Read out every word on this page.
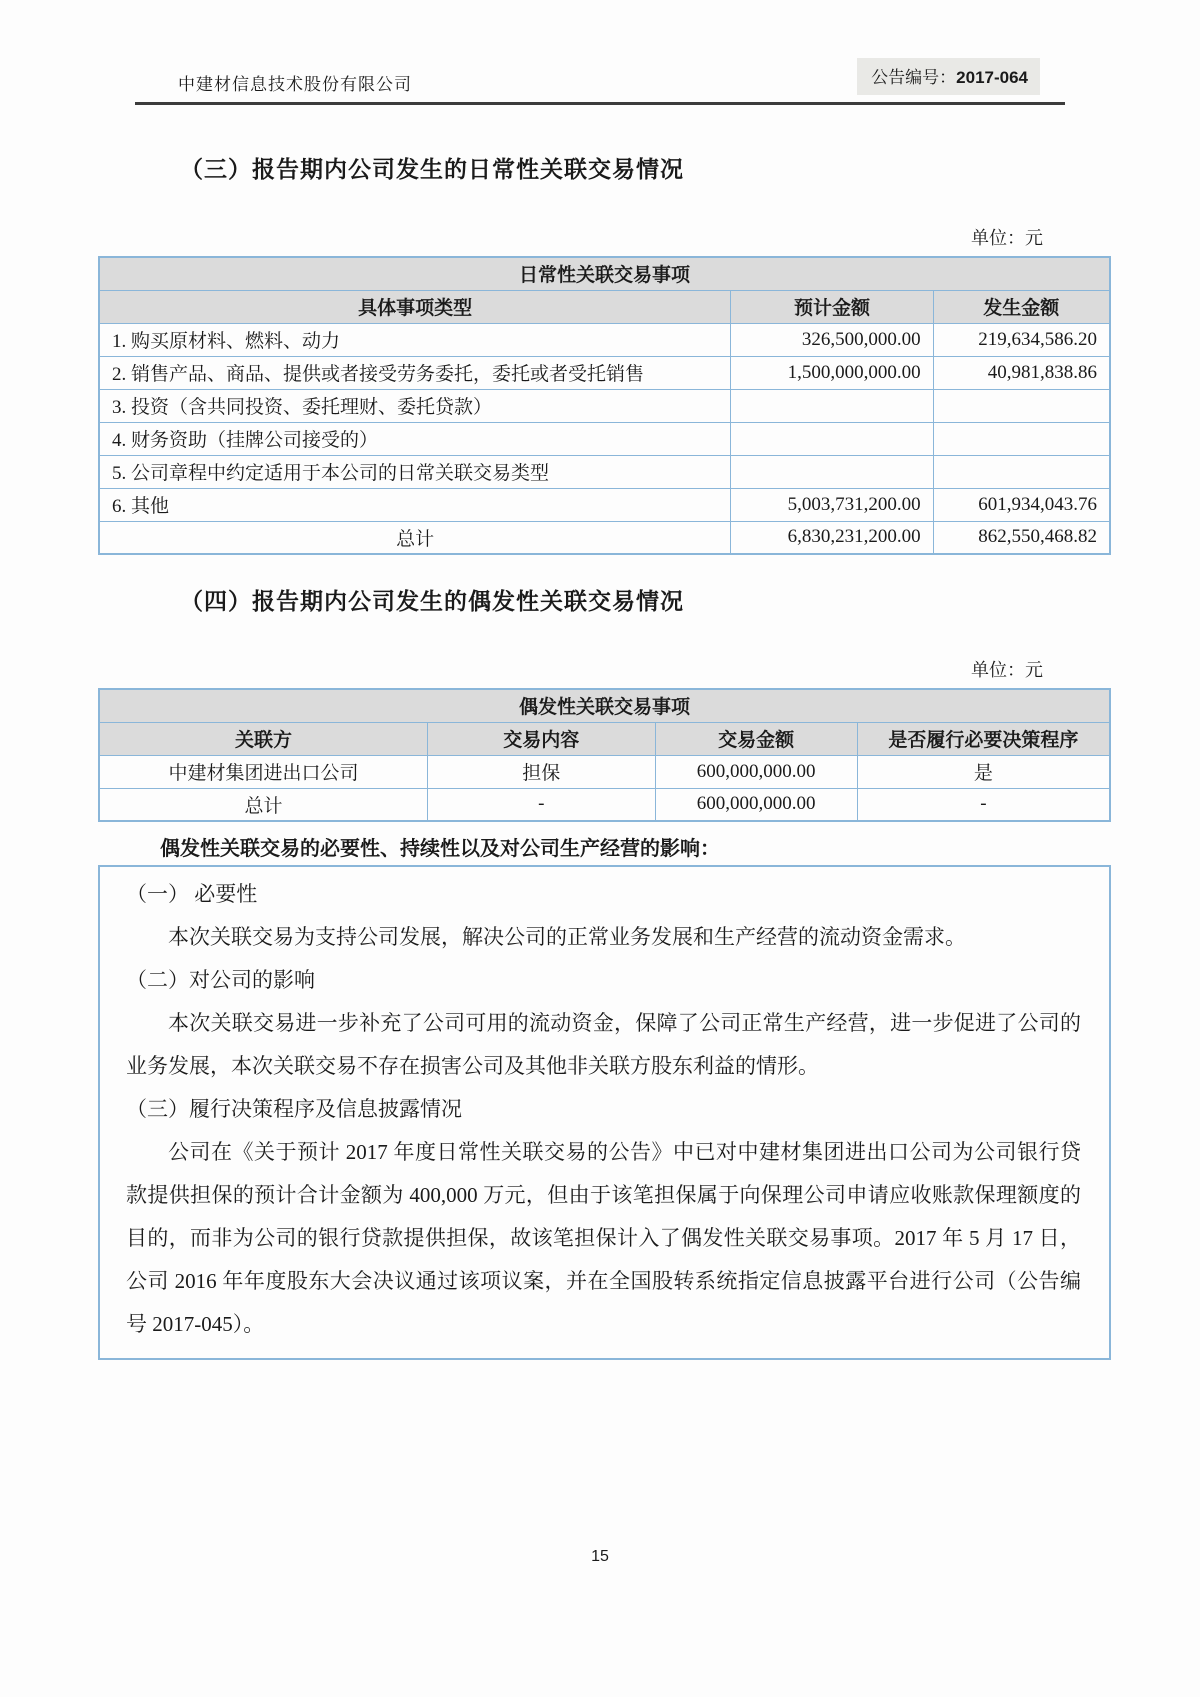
中建材信息技术股份有限公司	公告编号：2017-064
（三）报告期内公司发生的日常性关联交易情况
单位：元
日常性关联交易事项		
具体事项类型	预计金额	发生金额
1. 购买原材料、燃料、动力	326,500,000.00	219,634,586.20
2. 销售产品、商品、提供或者接受劳务委托，委托或者受托销售	1,500,000,000.00	40,981,838.86
3. 投资（含共同投资、委托理财、委托贷款）		
4. 财务资助（挂牌公司接受的）		
5. 公司章程中约定适用于本公司的日常关联交易类型		
6. 其他	5,003,731,200.00	601,934,043.76
总计	6,830,231,200.00	862,550,468.82
（四）报告期内公司发生的偶发性关联交易情况
单位：元
偶发性关联交易事项			
关联方	交易内容	交易金额	是否履行必要决策程序
中建材集团进出口公司	担保	600,000,000.00	是
总计	-	600,000,000.00	-

偶发性关联交易的必要性、持续性以及对公司生产经营的影响：

（一） 必要性

本次关联交易为支持公司发展，解决公司的正常业务发展和生产经营的流动资金需求。

（二）对公司的影响

本次关联交易进一步补充了公司可用的流动资金，保障了公司正常生产经营，进一步促进了公司的业务发展，本次关联交易不存在损害公司及其他非关联方股东利益的情形。

（三）履行决策程序及信息披露情况

公司在《关于预计 2017 年度日常性关联交易的公告》中已对中建材集团进出口公司为公司银行贷款提供担保的预计合计金额为 400,000 万元，但由于该笔担保属于向保理公司申请应收账款保理额度的目的，而非为公司的银行贷款提供担保，故该笔担保计入了偶发性关联交易事项。2017 年 5 月 17 日，公司 2016 年年度股东大会决议通过该项议案，并在全国股转系统指定信息披露平台进行公司（公告编号 2017-045）。

15
